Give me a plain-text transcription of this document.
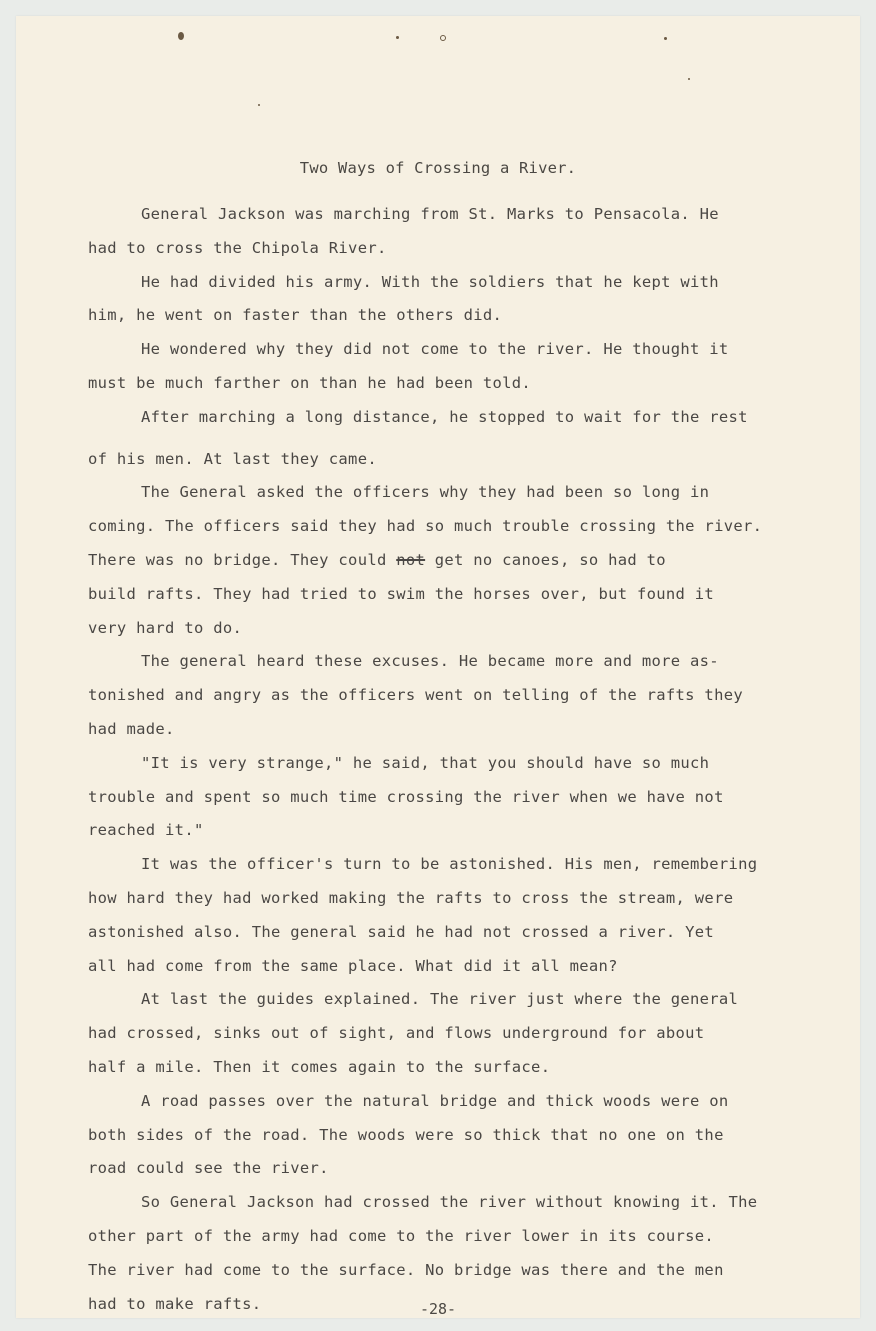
Two Ways of Crossing a River.
General Jackson was marching from St. Marks to Pensacola. He
had to cross the Chipola River.
He had divided his army. With the soldiers that he kept with
him, he went on faster than the others did.
He wondered why they did not come to the river. He thought it
must be much farther on than he had been told.
After marching a long distance, he stopped to wait for the rest
of his men. At last they came.
The General asked the officers why they had been so long in
coming. The officers said they had so much trouble crossing the river.
There was no bridge. They could not get no canoes, so had to
build rafts. They had tried to swim the horses over, but found it
very hard to do.
The general heard these excuses. He became more and more as-
tonished and angry as the officers went on telling of the rafts they
had made.
"It is very strange," he said, that you should have so much
trouble and spent so much time crossing the river when we have not
reached it."
It was the officer's turn to be astonished. His men, remembering
how hard they had worked making the rafts to cross the stream, were
astonished also. The general said he had not crossed a river. Yet
all had come from the same place. What did it all mean?
At last the guides explained. The river just where the general
had crossed, sinks out of sight, and flows underground for about
half a mile. Then it comes again to the surface.
A road passes over the natural bridge and thick woods were on
both sides of the road. The woods were so thick that no one on the
road could see the river.
So General Jackson had crossed the river without knowing it. The
other part of the army had come to the river lower in its course.
The river had come to the surface. No bridge was there and the men
had to make rafts.	-28-
